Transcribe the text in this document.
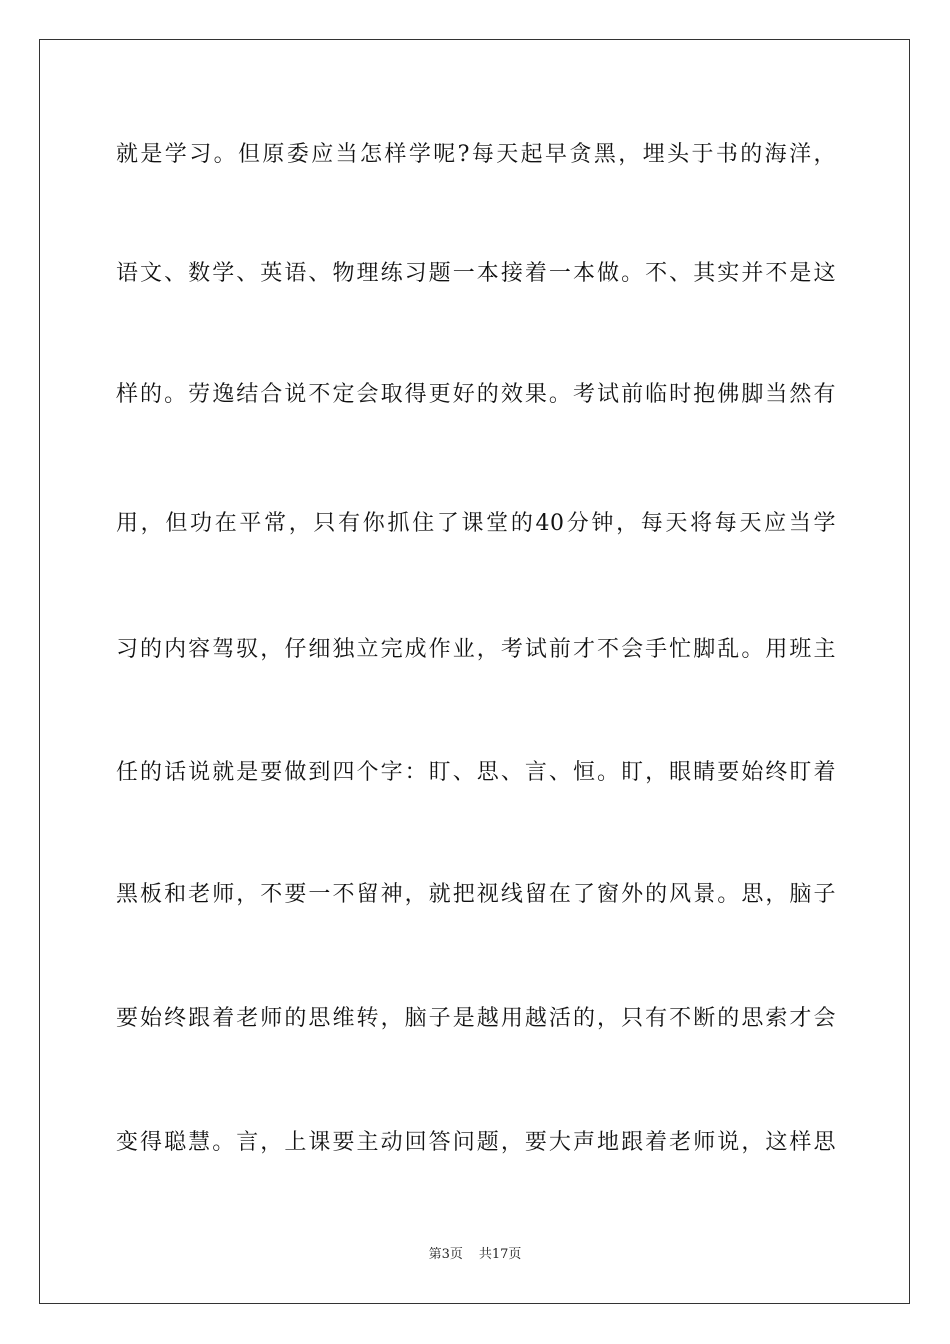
就是学习。但原委应当怎样学呢?每天起早贪黑，埋头于书的海洋，
语文、数学、英语、物理练习题一本接着一本做。不、其实并不是这
样的。劳逸结合说不定会取得更好的效果。考试前临时抱佛脚当然有
用，但功在平常，只有你抓住了课堂的40分钟，每天将每天应当学
习的内容驾驭，仔细独立完成作业，考试前才不会手忙脚乱。用班主
任的话说就是要做到四个字：盯、思、言、恒。盯，眼睛要始终盯着
黑板和老师，不要一不留神，就把视线留在了窗外的风景。思，脑子
要始终跟着老师的思维转，脑子是越用越活的，只有不断的思索才会
变得聪慧。言，上课要主动回答问题，要大声地跟着老师说，这样思
第3页 共17页
